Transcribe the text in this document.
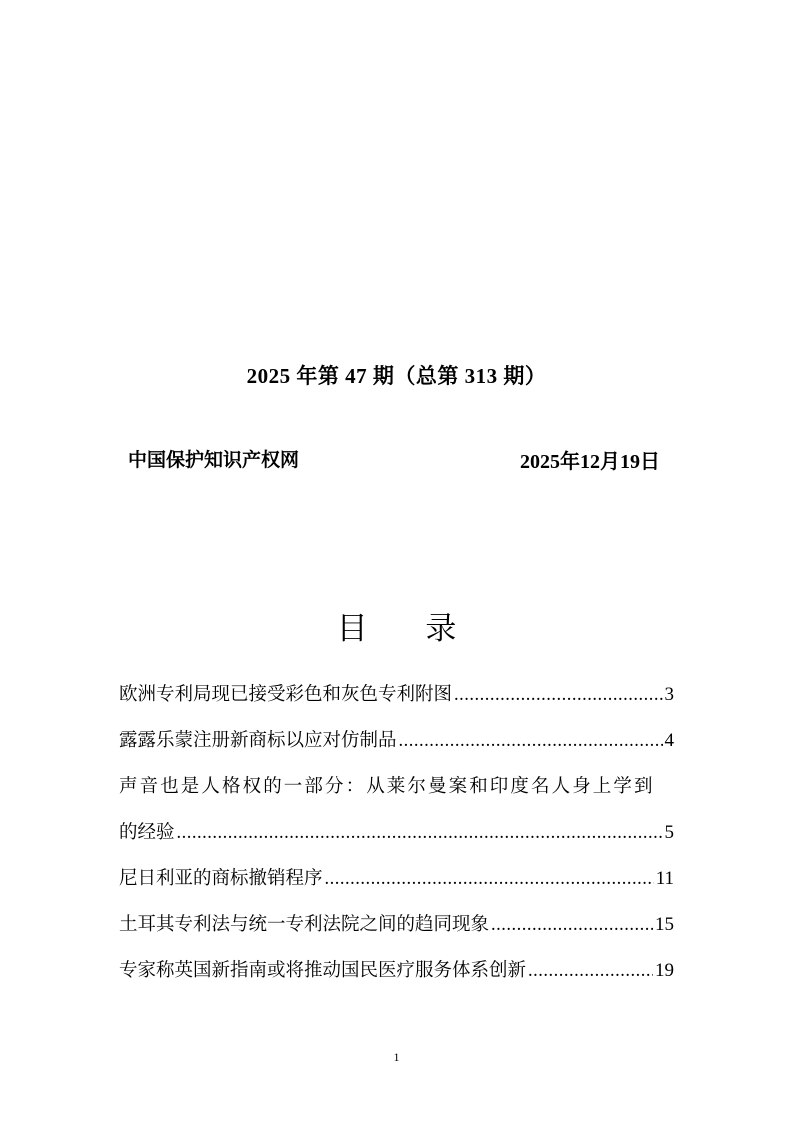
2025 年第 47 期（总第 313 期）
中国保护知识产权网	2025年12月19日
目 录
欧洲专利局现已接受彩色和灰色专利附图 .....	3
露露乐蒙注册新商标以应对仿制品 .....	4
声音也是人格权的一部分：从莱尔曼案和印度名人身上学到
的经验 .....	5
尼日利亚的商标撤销程序 .....	11
土耳其专利法与统一专利法院之间的趋同现象 .....	15
专家称英国新指南或将推动国民医疗服务体系创新 .....	19
1
